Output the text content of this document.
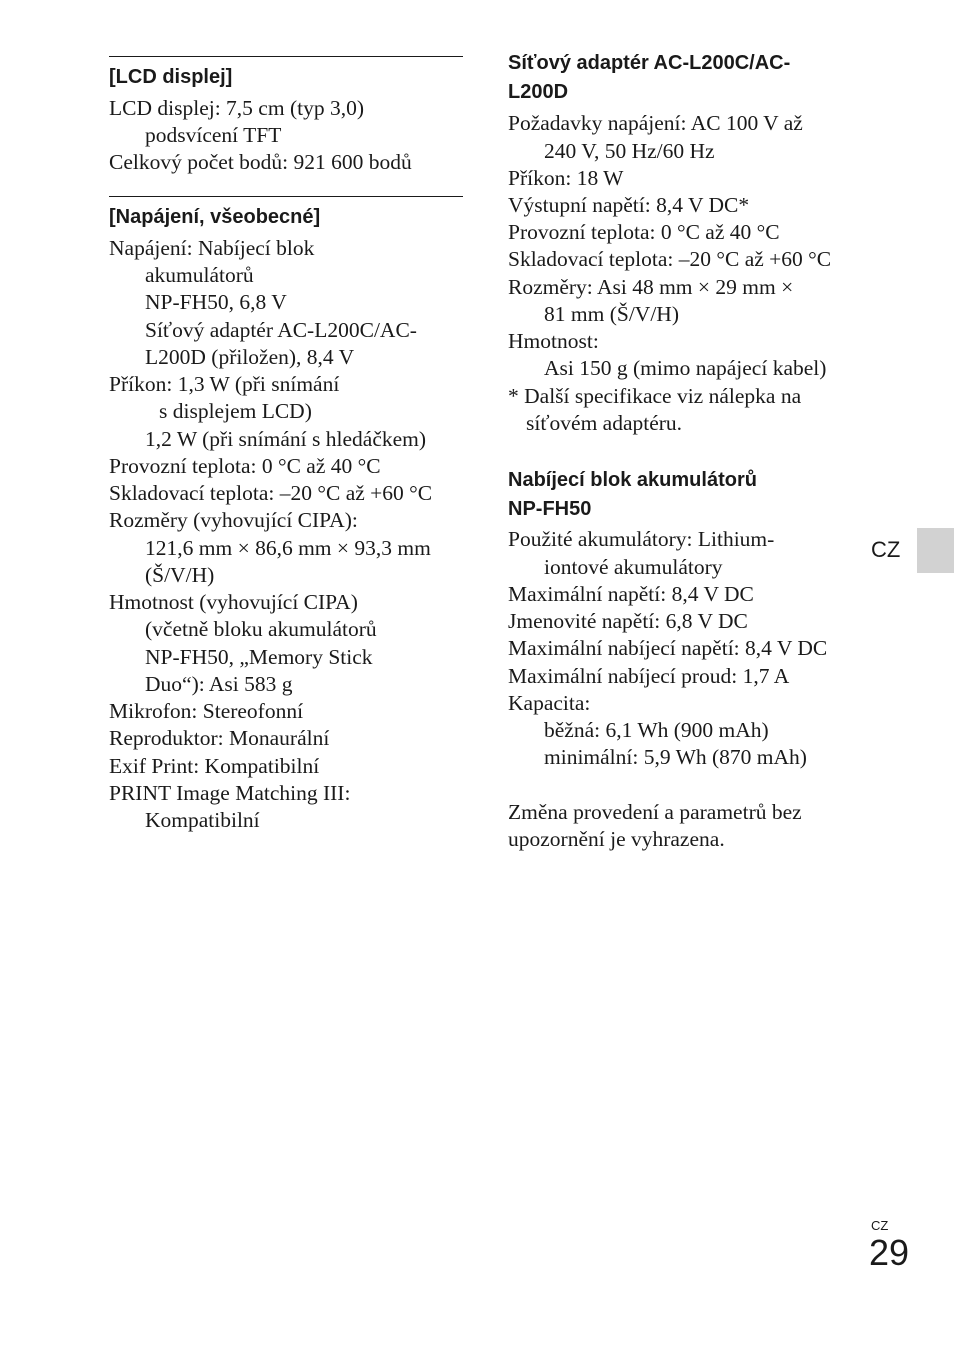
[LCD displej]
LCD displej: 7,5 cm (typ 3,0)
podsvícení TFT
Celkový počet bodů: 921 600 bodů
[Napájení, všeobecné]
Napájení: Nabíjecí blok
akumulátorů
NP-FH50, 6,8 V
Síťový adaptér AC-L200C/AC-
L200D (přiložen), 8,4 V
Příkon: 1,3 W (při snímání
s displejem LCD)
1,2 W (při snímání s hledáčkem)
Provozní teplota: 0 °C až 40 °C
Skladovací teplota: –20 °C až +60 °C
Rozměry (vyhovující CIPA):
121,6 mm × 86,6 mm × 93,3 mm
(Š/V/H)
Hmotnost (vyhovující CIPA)
(včetně bloku akumulátorů
NP-FH50, „Memory Stick
Duo“): Asi 583 g
Mikrofon: Stereofonní
Reproduktor: Monaurální
Exif Print: Kompatibilní
PRINT Image Matching III:
Kompatibilní
Síťový adaptér AC-L200C/AC-
L200D
Požadavky napájení: AC 100 V až
240 V, 50 Hz/60 Hz
Příkon: 18 W
Výstupní napětí: 8,4 V DC*
Provozní teplota: 0 °C až 40 °C
Skladovací teplota: –20 °C až +60 °C
Rozměry: Asi 48 mm × 29 mm ×
81 mm (Š/V/H)
Hmotnost:
Asi 150 g (mimo napájecí kabel)
* Další specifikace viz nálepka na
síťovém adaptéru.
Nabíjecí blok akumulátorů
NP-FH50
Použité akumulátory: Lithium-
iontové akumulátory
Maximální napětí: 8,4 V DC
Jmenovité napětí: 6,8 V DC
Maximální nabíjecí napětí: 8,4 V DC
Maximální nabíjecí proud: 1,7 A
Kapacita:
běžná: 6,1 Wh (900 mAh)
minimální: 5,9 Wh (870 mAh)
Změna provedení a parametrů bez
upozornění je vyhrazena.
CZ
CZ
29
